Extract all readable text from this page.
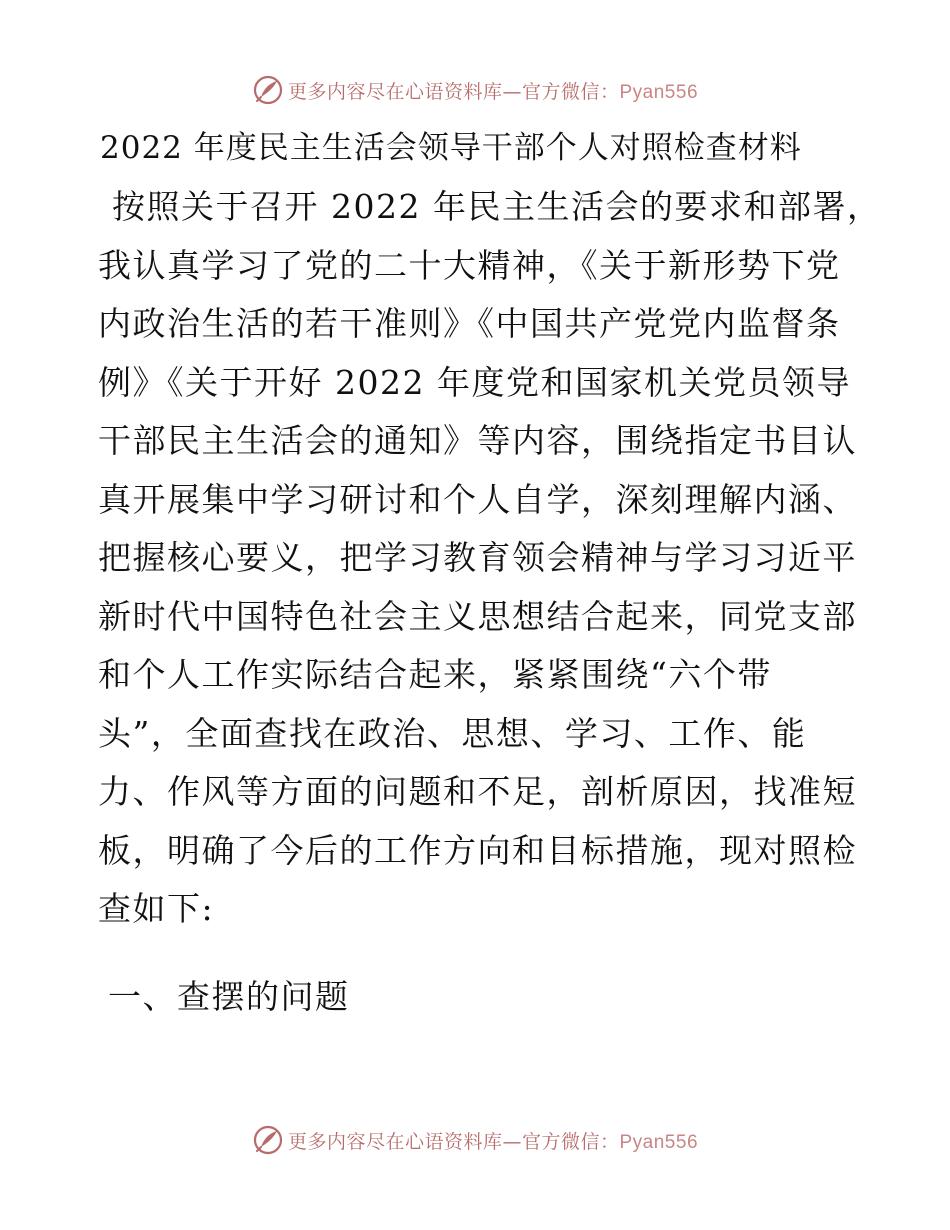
更多内容尽在心语资料库—官方微信：Pyan556
2022 年度民主生活会领导干部个人对照检查材料

按照关于召开 2022 年民主生活会的要求和部署，
我认真学习了党的二十大精神，《关于新形势下党
内政治生活的若干准则》《中国共产党党内监督条
例》《关于开好 2022 年度党和国家机关党员领导
干部民主生活会的通知》等内容，围绕指定书目认
真开展集中学习研讨和个人自学，深刻理解内涵、
把握核心要义，把学习教育领会精神与学习习近平
新时代中国特色社会主义思想结合起来，同党支部
和个人工作实际结合起来，紧紧围绕“六个带
头”，全面查找在政治、思想、学习、工作、能
力、作风等方面的问题和不足，剖析原因，找准短
板，明确了今后的工作方向和目标措施，现对照检
查如下:

一、查摆的问题
更多内容尽在心语资料库—官方微信：Pyan556
